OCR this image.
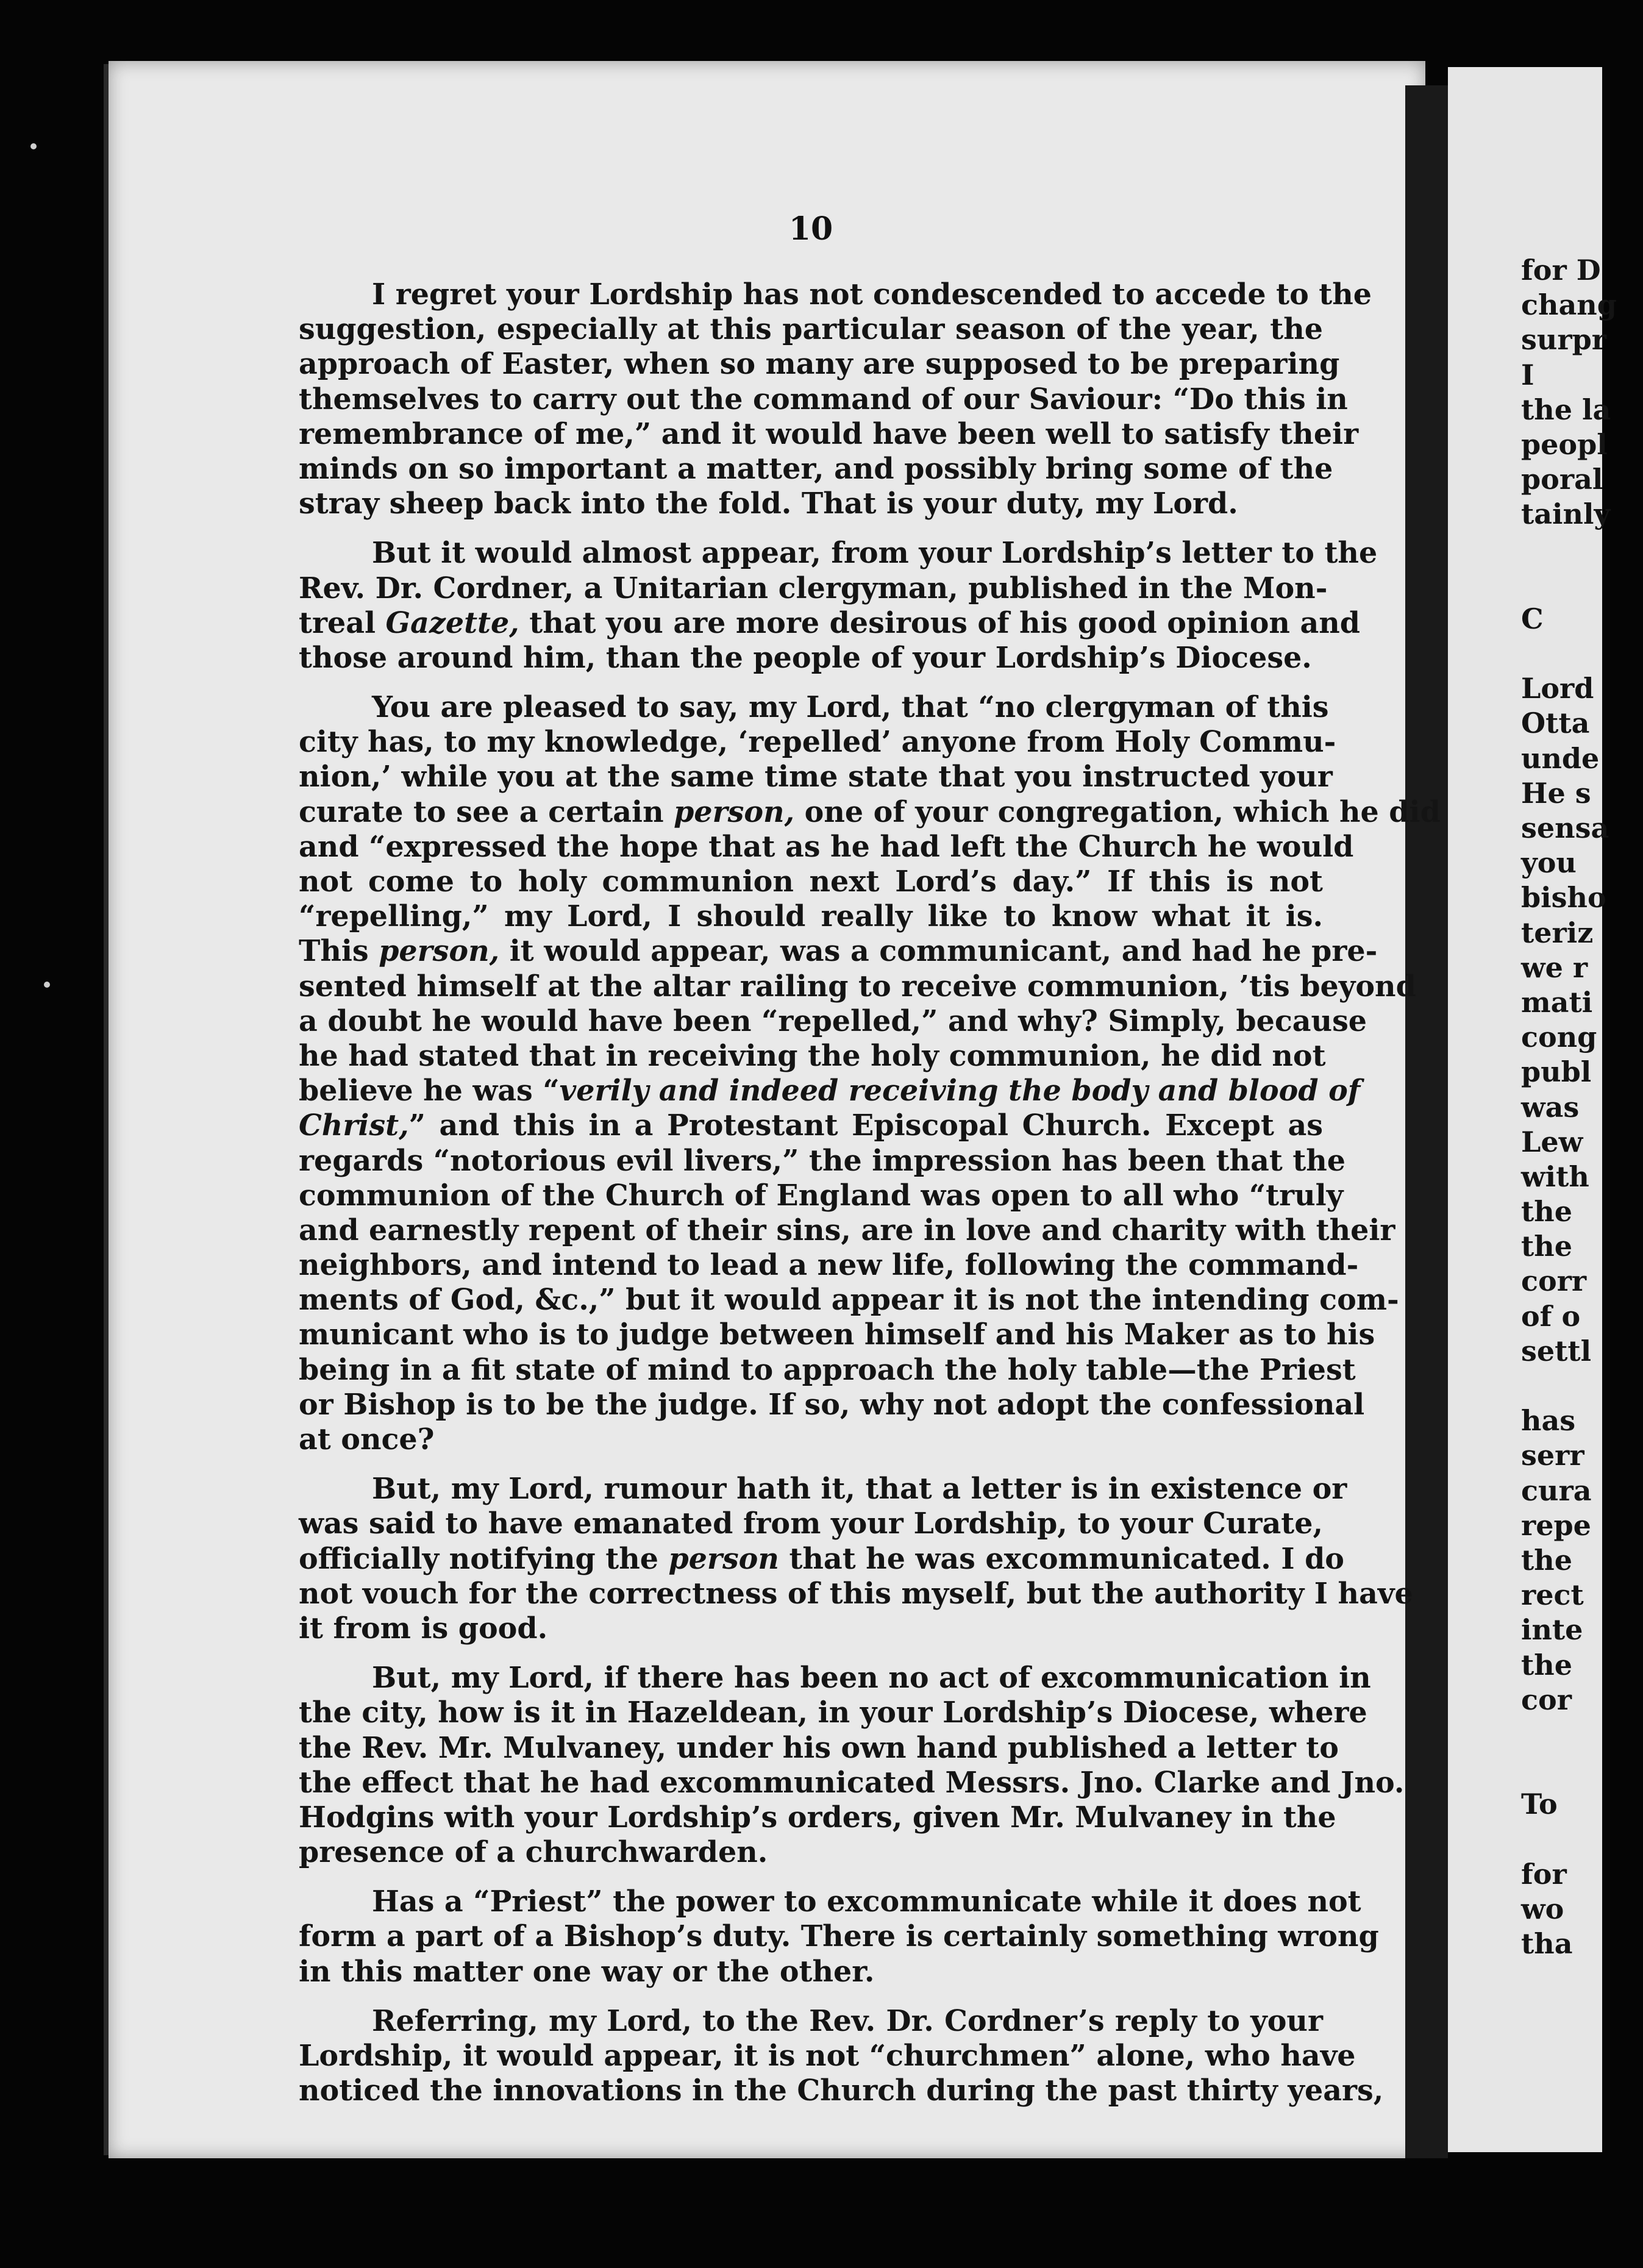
10
I regret your Lordship has not condescended to accede to the
suggestion, especially at this particular season of the year, the
approach of Easter, when so many are supposed to be preparing
themselves to carry out the command of our Saviour: “Do this in
remembrance of me,” and it would have been well to satisfy their
minds on so important a matter, and possibly bring some of the
stray sheep back into the fold. That is your duty, my Lord.
But it would almost appear, from your Lordship’s letter to the
Rev. Dr. Cordner, a Unitarian clergyman, published in the Mon-
treal Gazette, that you are more desirous of his good opinion and
those around him, than the people of your Lordship’s Diocese.
You are pleased to say, my Lord, that “no clergyman of this
city has, to my knowledge, ‘repelled’ anyone from Holy Commu-
nion,’ while you at the same time state that you instructed your
curate to see a certain person, one of your congregation, which he did
and “expressed the hope that as he had left the Church he would
not come to holy communion next Lord’s day.” If this is not
“repelling,” my Lord, I should really like to know what it is.
This person, it would appear, was a communicant, and had he pre-
sented himself at the altar railing to receive communion, ’tis beyond
a doubt he would have been “repelled,” and why? Simply, because
he had stated that in receiving the holy communion, he did not
believe he was “verily and indeed receiving the body and blood of
Christ,” and this in a Protestant Episcopal Church. Except as
regards “notorious evil livers,” the impression has been that the
communion of the Church of England was open to all who “truly
and earnestly repent of their sins, are in love and charity with their
neighbors, and intend to lead a new life, following the command-
ments of God, &c.,” but it would appear it is not the intending com-
municant who is to judge between himself and his Maker as to his
being in a fit state of mind to approach the holy table—the Priest
or Bishop is to be the judge. If so, why not adopt the confessional
at once?
But, my Lord, rumour hath it, that a letter is in existence or
was said to have emanated from your Lordship, to your Curate,
officially notifying the person that he was excommunicated. I do
not vouch for the correctness of this myself, but the authority I have
it from is good.
But, my Lord, if there has been no act of excommunication in
the city, how is it in Hazeldean, in your Lordship’s Diocese, where
the Rev. Mr. Mulvaney, under his own hand published a letter to
the effect that he had excommunicated Messrs. Jno. Clarke and Jno.
Hodgins with your Lordship’s orders, given Mr. Mulvaney in the
presence of a churchwarden.
Has a “Priest” the power to excommunicate while it does not
form a part of a Bishop’s duty. There is certainly something wrong
in this matter one way or the other.
Referring, my Lord, to the Rev. Dr. Cordner’s reply to your
Lordship, it would appear, it is not “churchmen” alone, who have
noticed the innovations in the Church during the past thirty years,
for D
chang
surpr
I
the la
peopl
poral
tainly
C
Lord
Otta
unde
He s
sensa
you
bisho
teriz
we r
mati
cong
publ
was
Lew
with
the
the
corr
of o
settl
has
serr
cura
repe
the
rect
inte
the
cor
To
for
wo
tha
